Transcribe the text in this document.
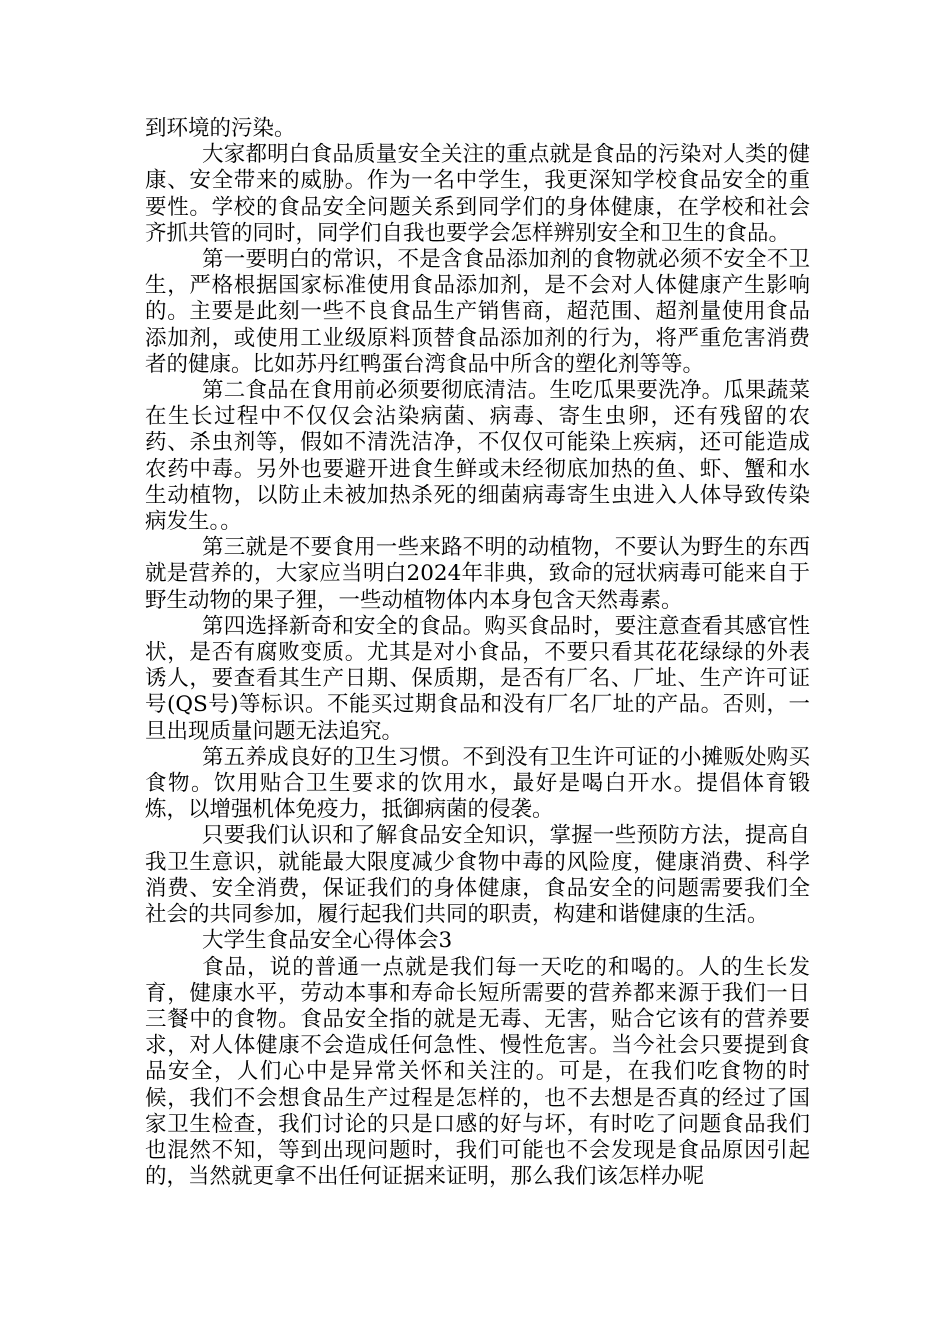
到环境的污染。

大家都明白食品质量安全关注的重点就是食品的污染对人类的健康、安全带来的威胁。作为一名中学生，我更深知学校食品安全的重要性。学校的食品安全问题关系到同学们的身体健康，在学校和社会齐抓共管的同时，同学们自我也要学会怎样辨别安全和卫生的食品。

第一要明白的常识，不是含食品添加剂的食物就必须不安全不卫生，严格根据国家标准使用食品添加剂，是不会对人体健康产生影响的。主要是此刻一些不良食品生产销售商，超范围、超剂量使用食品添加剂，或使用工业级原料顶替食品添加剂的行为，将严重危害消费者的健康。比如苏丹红鸭蛋台湾食品中所含的塑化剂等等。

第二食品在食用前必须要彻底清洁。生吃瓜果要洗净。瓜果蔬菜在生长过程中不仅仅会沾染病菌、病毒、寄生虫卵，还有残留的农药、杀虫剂等，假如不清洗洁净，不仅仅可能染上疾病，还可能造成农药中毒。另外也要避开进食生鲜或未经彻底加热的鱼、虾、蟹和水生动植物，以防止未被加热杀死的细菌病毒寄生虫进入人体导致传染病发生。。

第三就是不要食用一些来路不明的动植物，不要认为野生的东西就是营养的，大家应当明白2024年非典，致命的冠状病毒可能来自于野生动物的果子狸，一些动植物体内本身包含天然毒素。

第四选择新奇和安全的食品。购买食品时，要注意查看其感官性状，是否有腐败变质。尤其是对小食品，不要只看其花花绿绿的外表诱人，要查看其生产日期、保质期，是否有厂名、厂址、生产许可证号(QS号)等标识。不能买过期食品和没有厂名厂址的产品。否则，一旦出现质量问题无法追究。

第五养成良好的卫生习惯。不到没有卫生许可证的小摊贩处购买食物。饮用贴合卫生要求的饮用水，最好是喝白开水。提倡体育锻炼，以增强机体免疫力，抵御病菌的侵袭。

只要我们认识和了解食品安全知识，掌握一些预防方法，提高自我卫生意识，就能最大限度减少食物中毒的风险度，健康消费、科学消费、安全消费，保证我们的身体健康，食品安全的问题需要我们全社会的共同参加，履行起我们共同的职责，构建和谐健康的生活。

大学生食品安全心得体会3

食品，说的普通一点就是我们每一天吃的和喝的。人的生长发育，健康水平，劳动本事和寿命长短所需要的营养都来源于我们一日三餐中的食物。食品安全指的就是无毒、无害，贴合它该有的营养要求，对人体健康不会造成任何急性、慢性危害。当今社会只要提到食品安全，人们心中是异常关怀和关注的。可是，在我们吃食物的时候，我们不会想食品生产过程是怎样的，也不去想是否真的经过了国家卫生检查，我们讨论的只是口感的好与坏，有时吃了问题食品我们也混然不知，等到出现问题时，我们可能也不会发现是食品原因引起的，当然就更拿不出任何证据来证明，那么我们该怎样办呢
